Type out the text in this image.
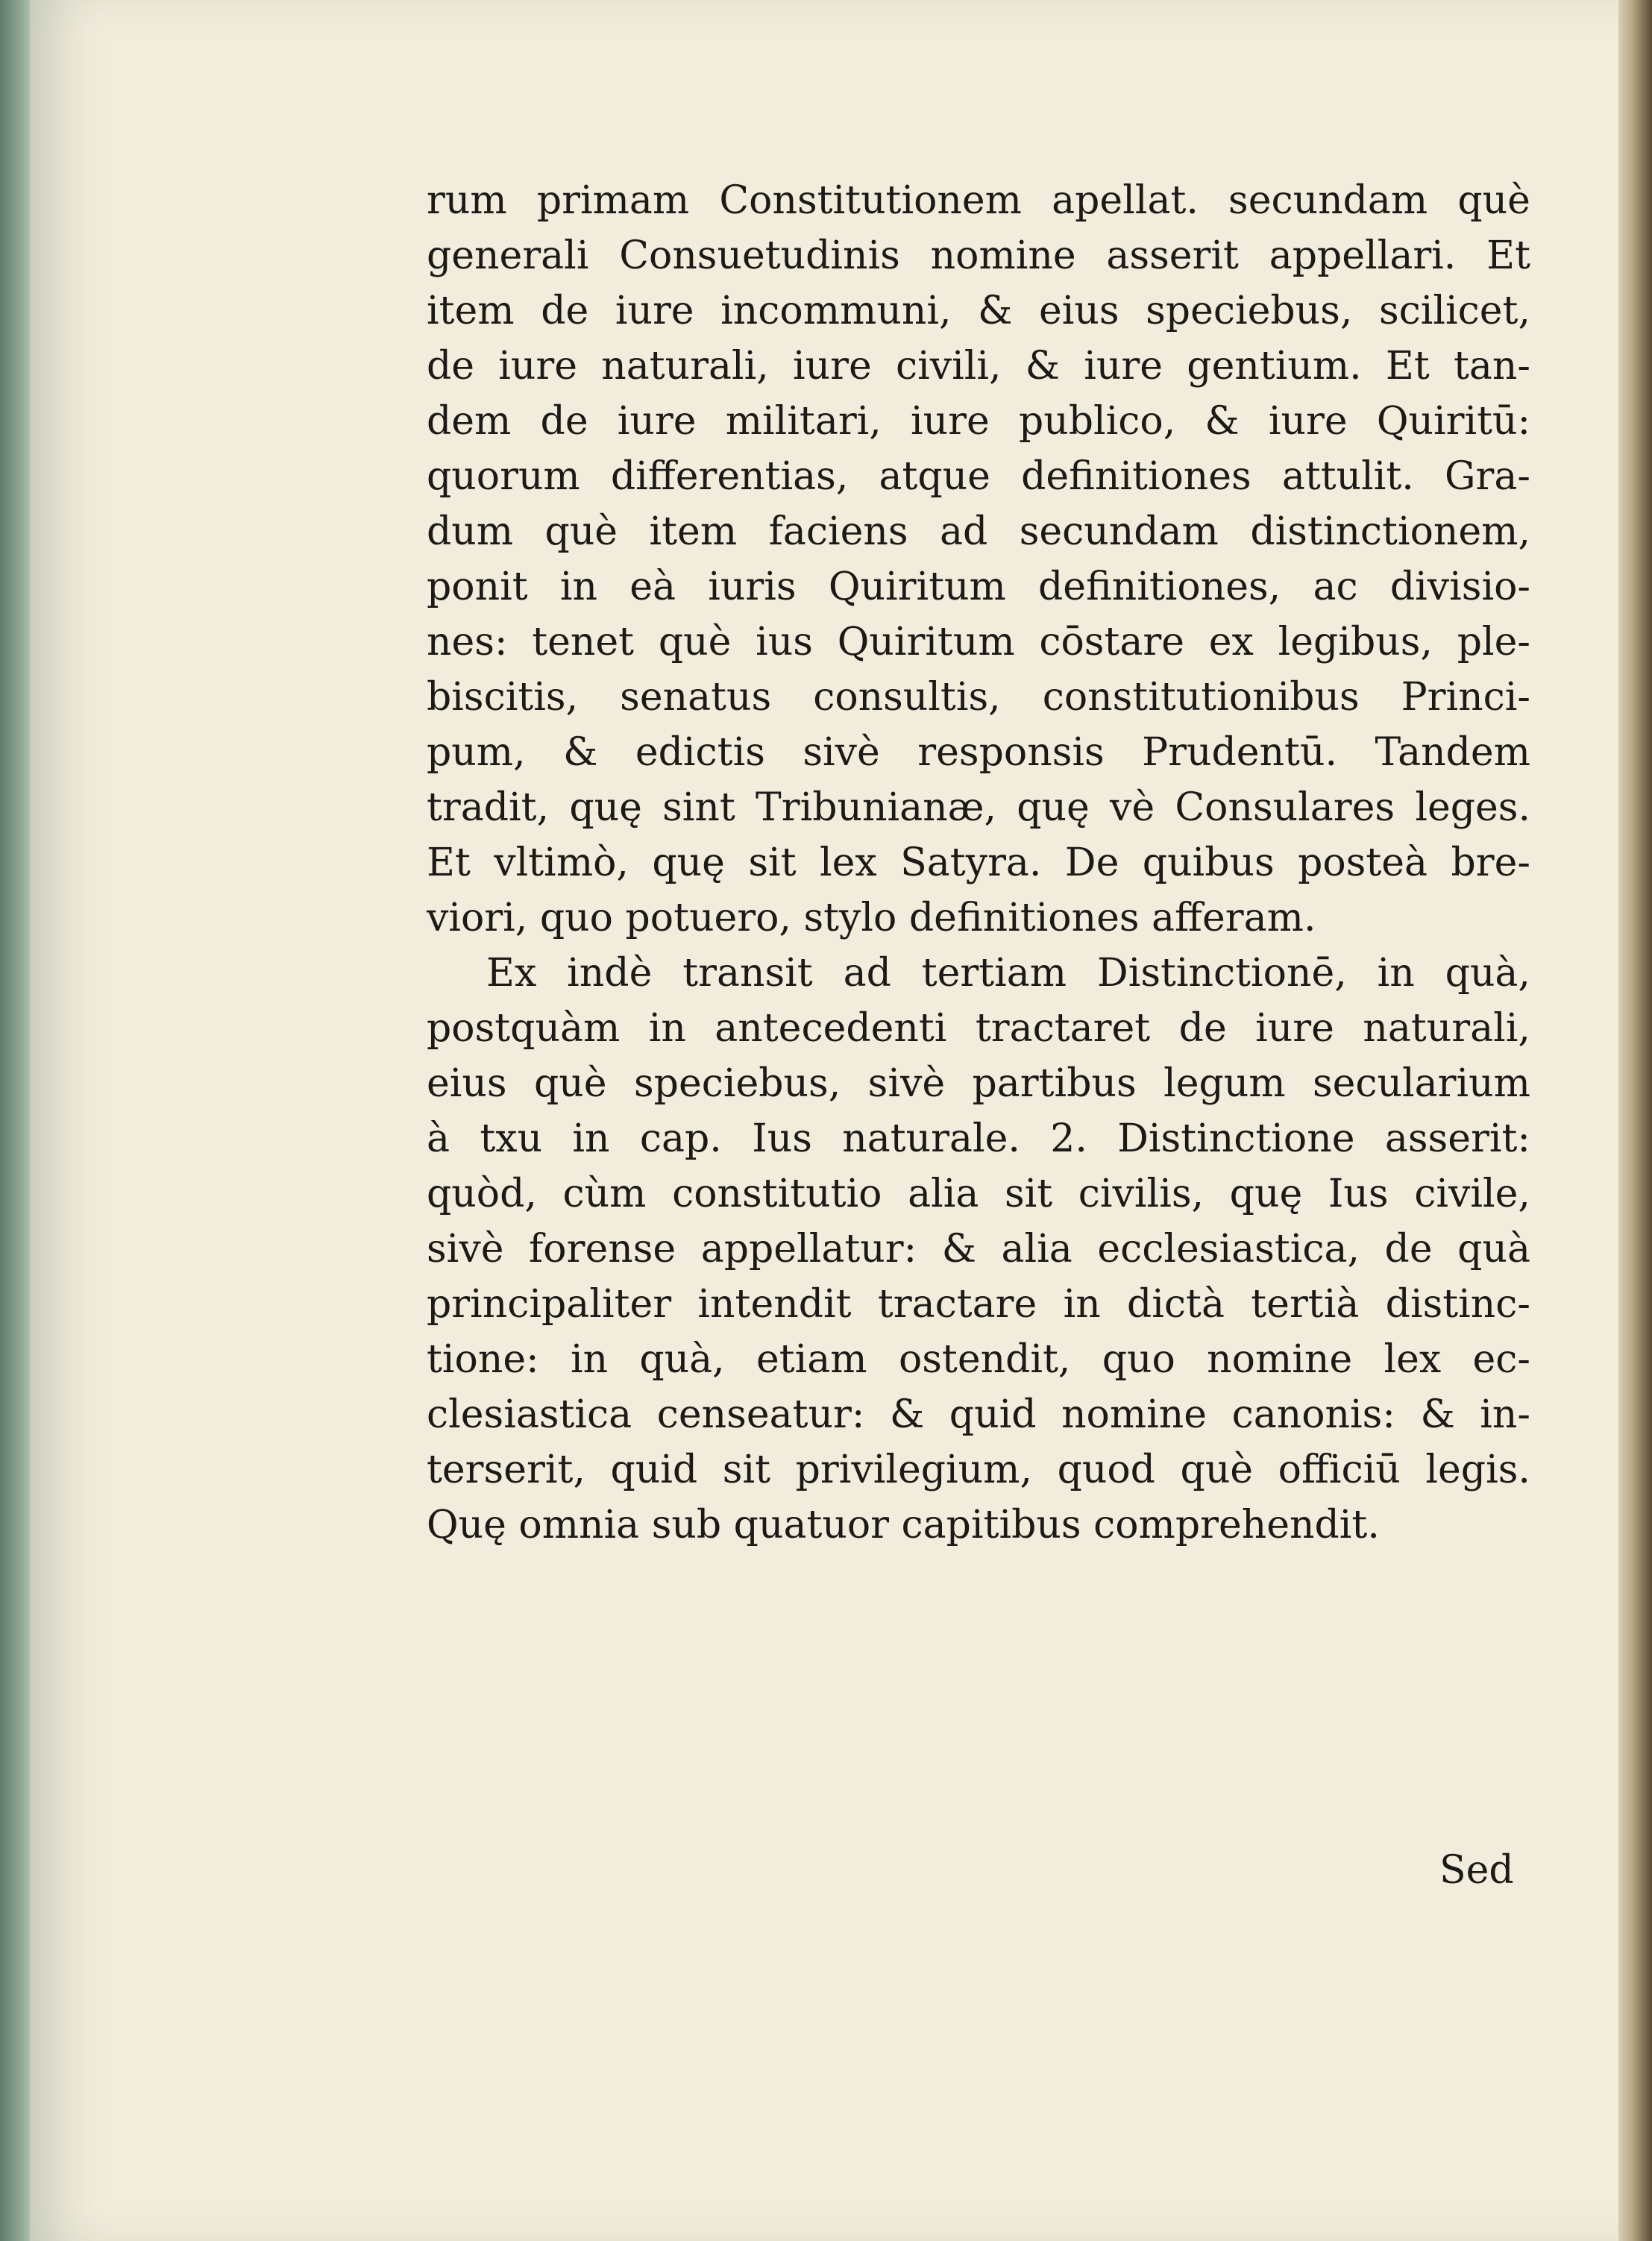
rum primam Constitutionem apellat. secundam què
generali Consuetudinis nomine asserit appellari. Et
item de iure incommuni, & eius speciebus, scilicet,
de iure naturali, iure civili, & iure gentium. Et tan-
dem de iure militari, iure publico, & iure Quiritū:
quorum differentias, atque definitiones attulit. Gra-
dum què item faciens ad secundam distinctionem,
ponit in eà iuris Quiritum definitiones, ac divisio-
nes: tenet què ius Quiritum cōstare ex legibus, ple-
biscitis, senatus consultis, constitutionibus Princi-
pum, & edictis sivè responsis Prudentū. Tandem
tradit, quę sint Tribunianæ, quę vè Consulares leges.
Et vltimò, quę sit lex Satyra. De quibus posteà bre-
viori, quo potuero, stylo definitiones afferam.
Ex indè transit ad tertiam Distinctionē, in quà,
postquàm in antecedenti tractaret de iure naturali,
eius què speciebus, sivè partibus legum secularium
à txu in cap. Ius naturale. 2. Distinctione asserit:
quòd, cùm constitutio alia sit civilis, quę Ius civile,
sivè forense appellatur: & alia ecclesiastica, de quà
principaliter intendit tractare in dictà tertià distinc-
tione: in quà, etiam ostendit, quo nomine lex ec-
clesiastica censeatur: & quid nomine canonis: & in-
terserit, quid sit privilegium, quod què officiū legis.
Quę omnia sub quatuor capitibus comprehendit.
Sed
